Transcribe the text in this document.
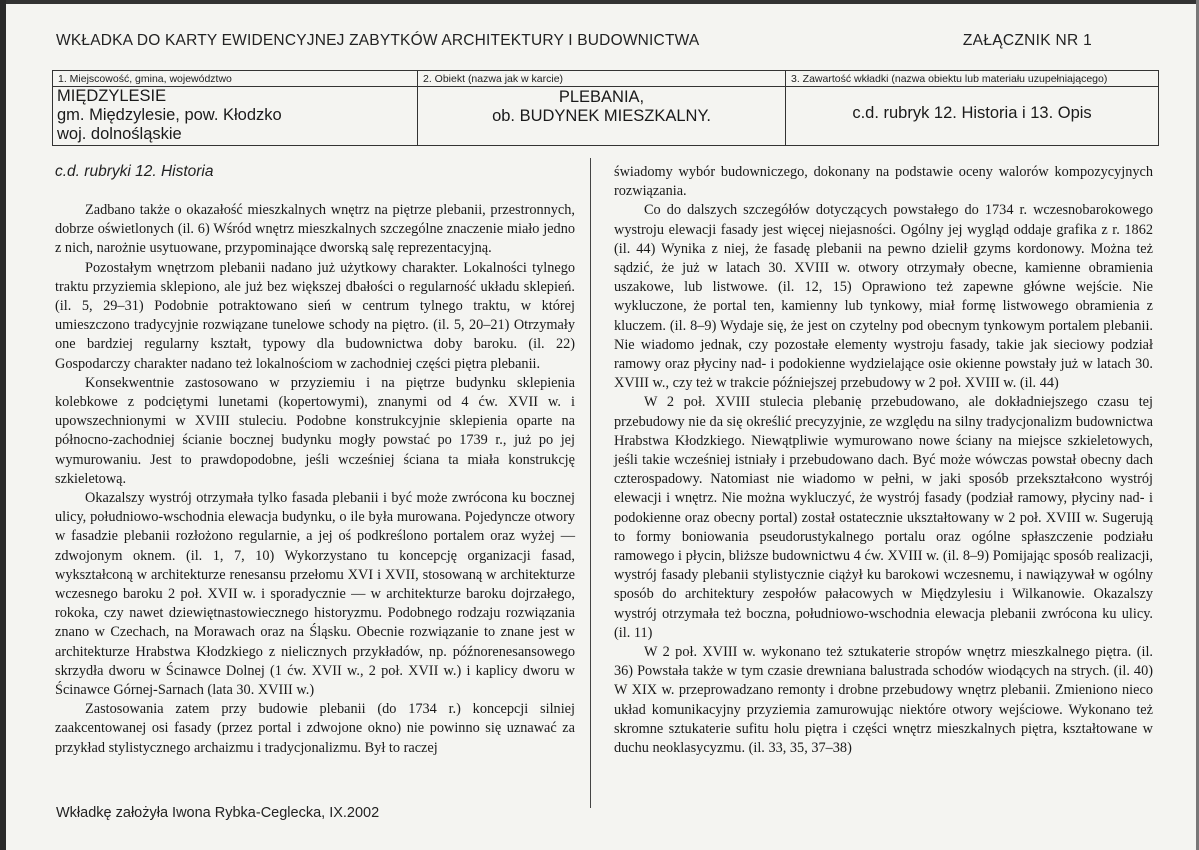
WKŁADKA DO KARTY EWIDENCYJNEJ ZABYTKÓW ARCHITEKTURY I BUDOWNICTWA	ZAŁĄCZNIK NR 1
1. Miejscowość, gmina, województwo
MIĘDZYLESIE
gm. Międzylesie, pow. Kłodzko
woj. dolnośląskie
2. Obiekt (nazwa jak w karcie)
PLEBANIA,
ob. BUDYNEK MIESZKALNY.
3. Zawartość wkładki (nazwa obiektu lub materiału uzupełniającego)
c.d. rubryk 12. Historia i 13. Opis
c.d. rubryki 12. Historia

Zadbano także o okazałość mieszkalnych wnętrz na piętrze plebanii, przestronnych, dobrze oświetlonych (il. 6) Wśród wnętrz mieszkalnych szczególne znaczenie miało jedno z nich, narożnie usytuowane, przypominające dworską salę reprezentacyjną.

Pozostałym wnętrzom plebanii nadano już użytkowy charakter. Lokalności tylnego traktu przyziemia sklepiono, ale już bez większej dbałości o regularność układu sklepień. (il. 5, 29–31) Podobnie potraktowano sień w centrum tylnego traktu, w której umieszczono tradycyjnie rozwiązane tunelowe schody na piętro. (il. 5, 20–21) Otrzymały one bardziej regularny kształt, typowy dla budownictwa doby baroku. (il. 22) Gospodarczy charakter nadano też lokalnościom w zachodniej części piętra plebanii.

Konsekwentnie zastosowano w przyziemiu i na piętrze budynku sklepienia kolebkowe z podciętymi lunetami (kopertowymi), znanymi od 4 ćw. XVII w. i upowszechnionymi w XVIII stuleciu. Podobne konstrukcyjnie sklepienia oparte na północno-zachodniej ścianie bocznej budynku mogły powstać po 1739 r., już po jej wymurowaniu. Jest to prawdopodobne, jeśli wcześniej ściana ta miała konstrukcję szkieletową.

Okazalszy wystrój otrzymała tylko fasada plebanii i być może zwrócona ku bocznej ulicy, południowo-wschodnia elewacja budynku, o ile była murowana. Pojedyncze otwory w fasadzie plebanii rozłożono regularnie, a jej oś podkreślono portalem oraz wyżej — zdwojonym oknem. (il. 1, 7, 10) Wykorzystano tu koncepcję organizacji fasad, wykształconą w architekturze renesansu przełomu XVI i XVII, stosowaną w architekturze wczesnego baroku 2 poł. XVII w. i sporadycznie — w architekturze baroku dojrzałego, rokoka, czy nawet dziewiętnastowiecznego historyzmu. Podobnego rodzaju rozwiązania znano w Czechach, na Morawach oraz na Śląsku. Obecnie rozwiązanie to znane jest w architekturze Hrabstwa Kłodzkiego z nielicznych przykładów, np. późnorenesansowego skrzydła dworu w Ścinawce Dolnej (1 ćw. XVII w., 2 poł. XVII w.) i kaplicy dworu w Ścinawce Górnej-Sarnach (lata 30. XVIII w.)

Zastosowania zatem przy budowie plebanii (do 1734 r.) koncepcji silniej zaakcentowanej osi fasady (przez portal i zdwojone okno) nie powinno się uznawać za przykład stylistycznego archaizmu i tradycjonalizmu. Był to raczej

świadomy wybór budowniczego, dokonany na podstawie oceny walorów kompozycyjnych rozwiązania.

Co do dalszych szczegółów dotyczących powstałego do 1734 r. wczesnobarokowego wystroju elewacji fasady jest więcej niejasności. Ogólny jej wygląd oddaje grafika z r. 1862 (il. 44) Wynika z niej, że fasadę plebanii na pewno dzielił gzyms kordonowy. Można też sądzić, że już w latach 30. XVIII w. otwory otrzymały obecne, kamienne obramienia uszakowe, lub listwowe. (il. 12, 15) Oprawiono też zapewne główne wejście. Nie wykluczone, że portal ten, kamienny lub tynkowy, miał formę listwowego obramienia z kluczem. (il. 8–9) Wydaje się, że jest on czytelny pod obecnym tynkowym portalem plebanii. Nie wiadomo jednak, czy pozostałe elementy wystroju fasady, takie jak sieciowy podział ramowy oraz płyciny nad- i podokienne wydzielające osie okienne powstały już w latach 30. XVIII w., czy też w trakcie późniejszej przebudowy w 2 poł. XVIII w. (il. 44)

W 2 poł. XVIII stulecia plebanię przebudowano, ale dokładniejszego czasu tej przebudowy nie da się określić precyzyjnie, ze względu na silny tradycjonalizm budownictwa Hrabstwa Kłodzkiego. Niewątpliwie wymurowano nowe ściany na miejsce szkieletowych, jeśli takie wcześniej istniały i przebudowano dach. Być może wówczas powstał obecny dach czterospadowy. Natomiast nie wiadomo w pełni, w jaki sposób przekształcono wystrój elewacji i wnętrz. Nie można wykluczyć, że wystrój fasady (podział ramowy, płyciny nad- i podokienne oraz obecny portal) został ostatecznie ukształtowany w 2 poł. XVIII w. Sugerują to formy boniowania pseudorustykalnego portalu oraz ogólne spłaszczenie podziału ramowego i płycin, bliższe budownictwu 4 ćw. XVIII w. (il. 8–9) Pomijając sposób realizacji, wystrój fasady plebanii stylistycznie ciążył ku barokowi wczesnemu, i nawiązywał w ogólny sposób do architektury zespołów pałacowych w Międzylesiu i Wilkanowie. Okazalszy wystrój otrzymała też boczna, południowo-wschodnia elewacja plebanii zwrócona ku ulicy. (il. 11)

W 2 poł. XVIII w. wykonano też sztukaterie stropów wnętrz mieszkalnego piętra. (il. 36) Powstała także w tym czasie drewniana balustrada schodów wiodących na strych. (il. 40) W XIX w. przeprowadzano remonty i drobne przebudowy wnętrz plebanii. Zmieniono nieco układ komunikacyjny przyziemia zamurowując niektóre otwory wejściowe. Wykonano też skromne sztukaterie sufitu holu piętra i części wnętrz mieszkalnych piętra, kształtowane w duchu neoklasycyzmu. (il. 33, 35, 37–38)

Wkładkę założyła Iwona Rybka-Ceglecka, IX.2002
